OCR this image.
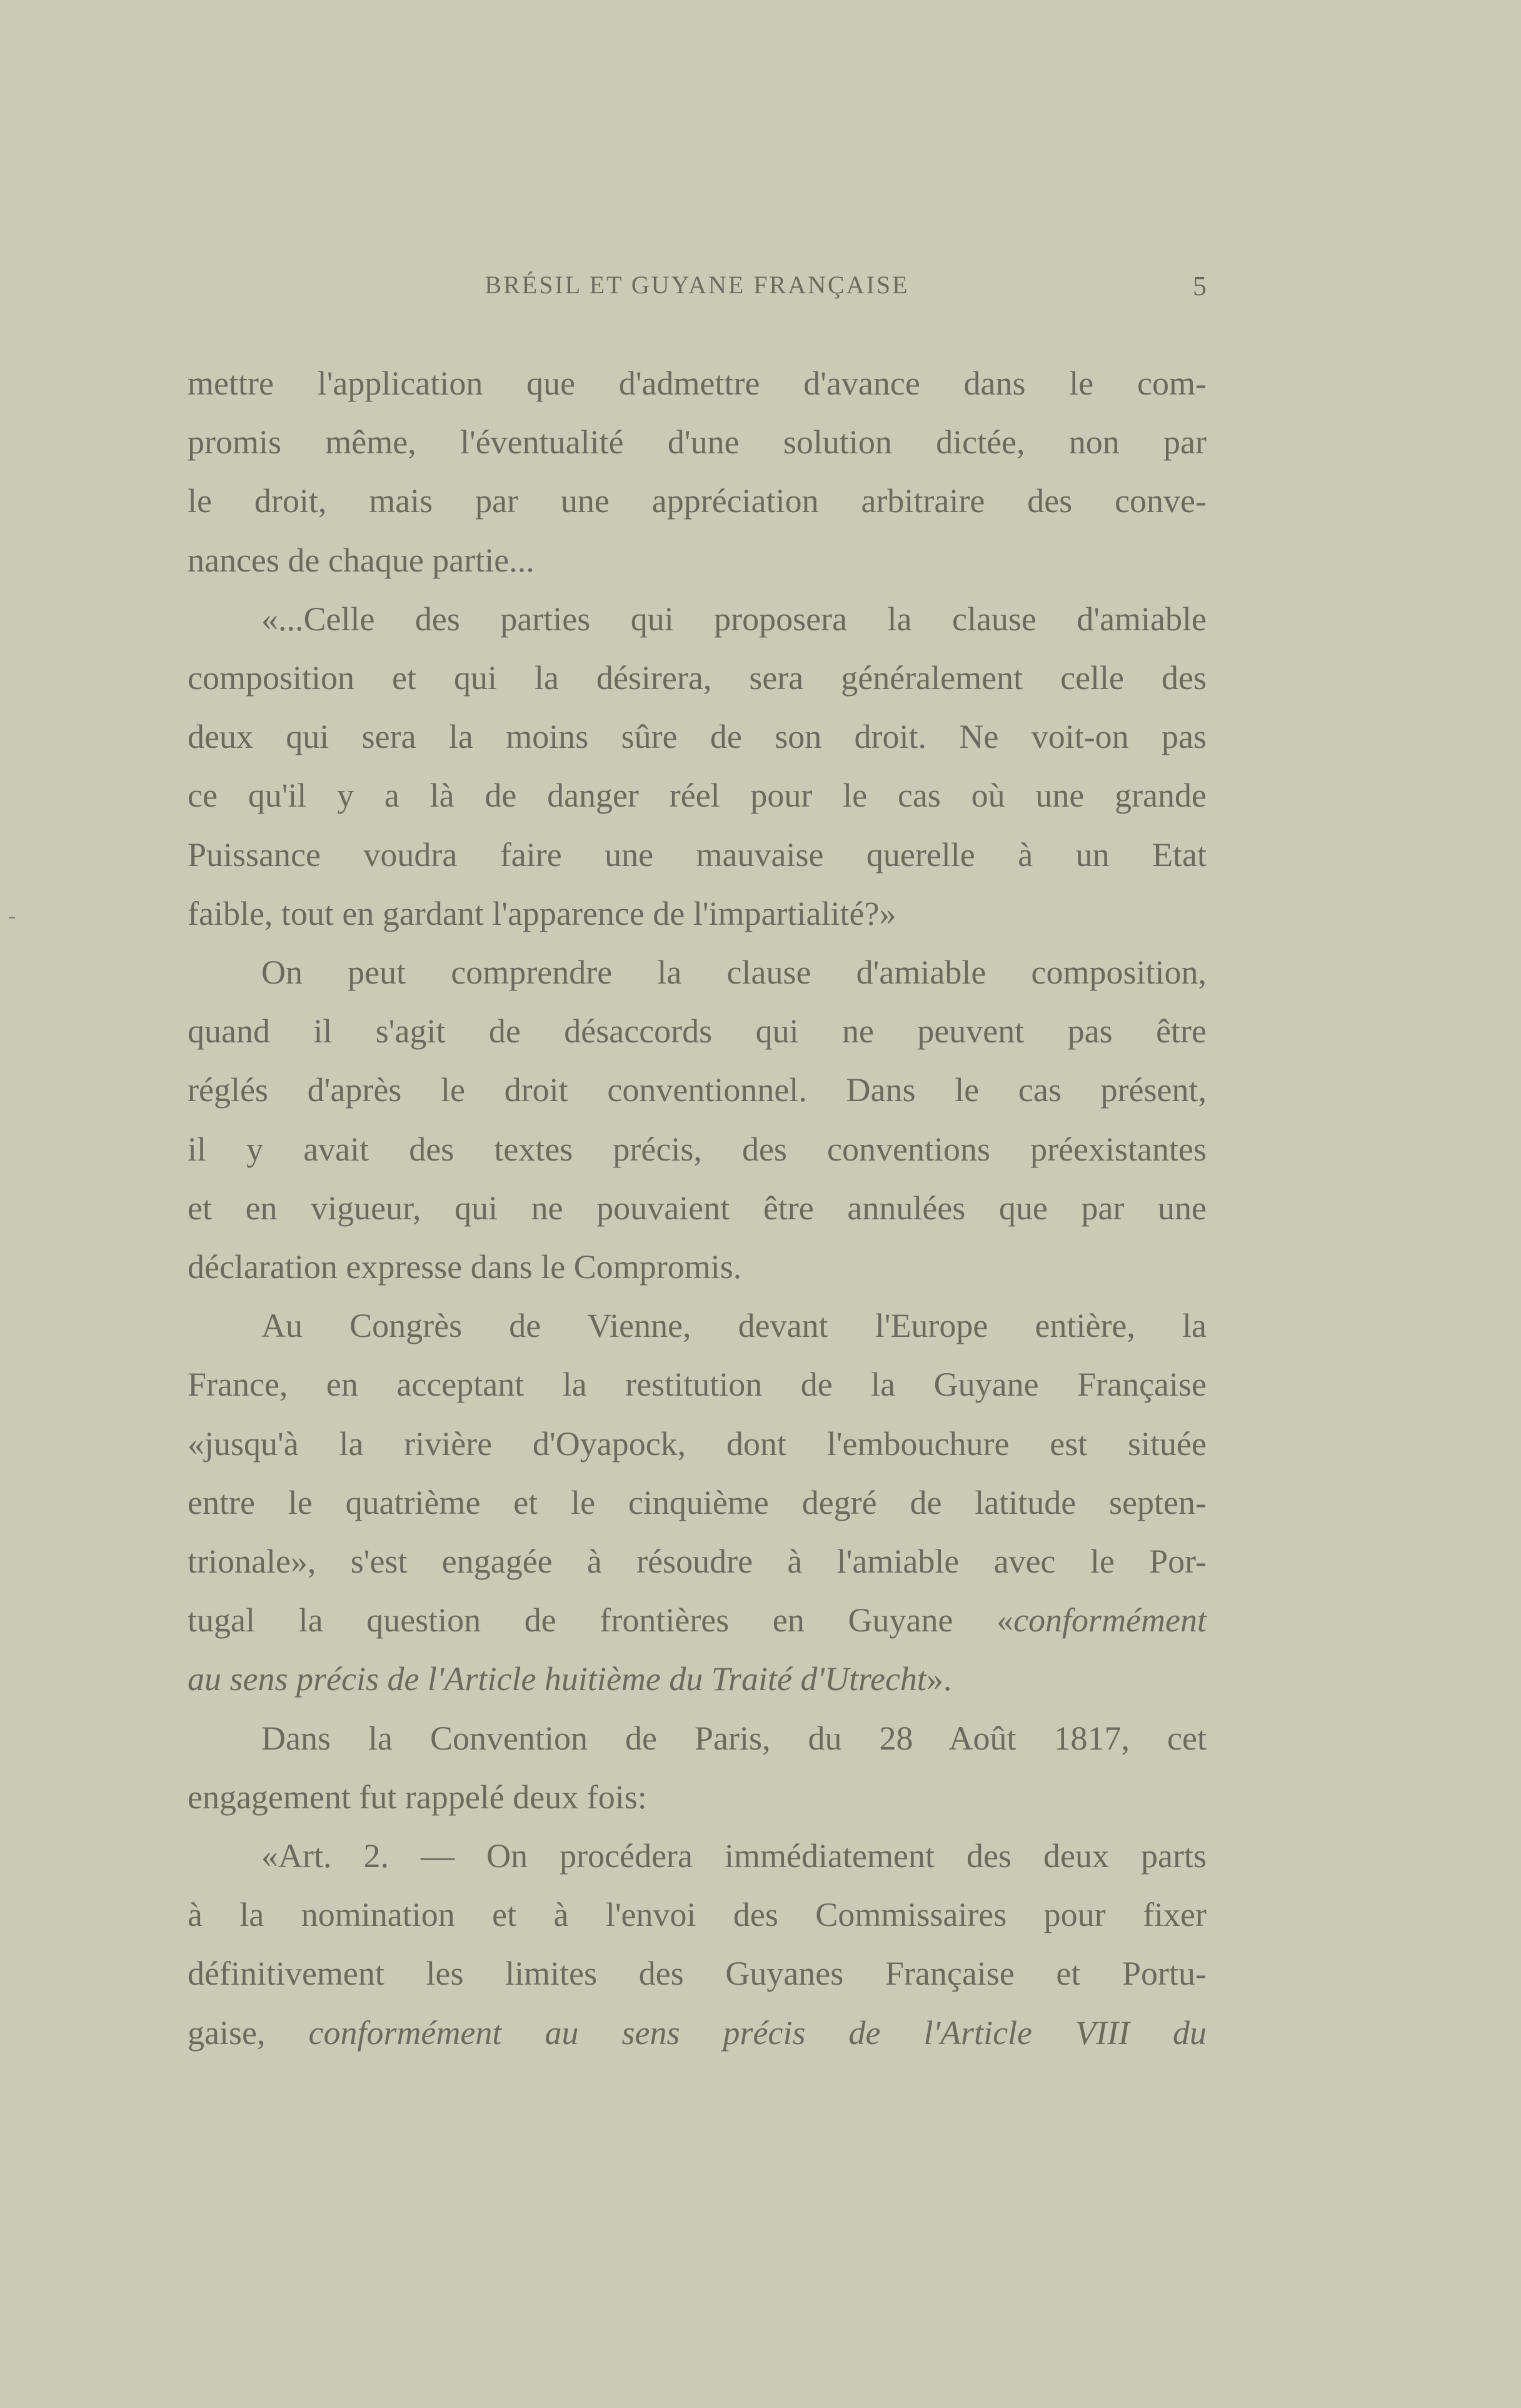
BRÉSIL ET GUYANE FRANÇAISE	5

mettre l'application que d'admettre d'avance dans le com-
promis même, l'éventualité d'une solution dictée, non par
le droit, mais par une appréciation arbitraire des conve-
nances de chaque partie...

«...Celle des parties qui proposera la clause d'amiable
composition et qui la désirera, sera généralement celle des
deux qui sera la moins sûre de son droit. Ne voit-on pas
ce qu'il y a là de danger réel pour le cas où une grande
Puissance voudra faire une mauvaise querelle à un Etat
faible, tout en gardant l'apparence de l'impartialité?»

On peut comprendre la clause d'amiable composition,
quand il s'agit de désaccords qui ne peuvent pas être
réglés d'après le droit conventionnel. Dans le cas présent,
il y avait des textes précis, des conventions préexistantes
et en vigueur, qui ne pouvaient être annulées que par une
déclaration expresse dans le Compromis.

Au Congrès de Vienne, devant l'Europe entière, la
France, en acceptant la restitution de la Guyane Française
«jusqu'à la rivière d'Oyapock, dont l'embouchure est située
entre le quatrième et le cinquième degré de latitude septen-
trionale», s'est engagée à résoudre à l'amiable avec le Por-
tugal la question de frontières en Guyane «conformément
au sens précis de l'Article huitième du Traité d'Utrecht».

Dans la Convention de Paris, du 28 Août 1817, cet
engagement fut rappelé deux fois:

«Art. 2. — On procédera immédiatement des deux parts
à la nomination et à l'envoi des Commissaires pour fixer
définitivement les limites des Guyanes Française et Portu-
gaise, conformément au sens précis de l'Article VIII du
